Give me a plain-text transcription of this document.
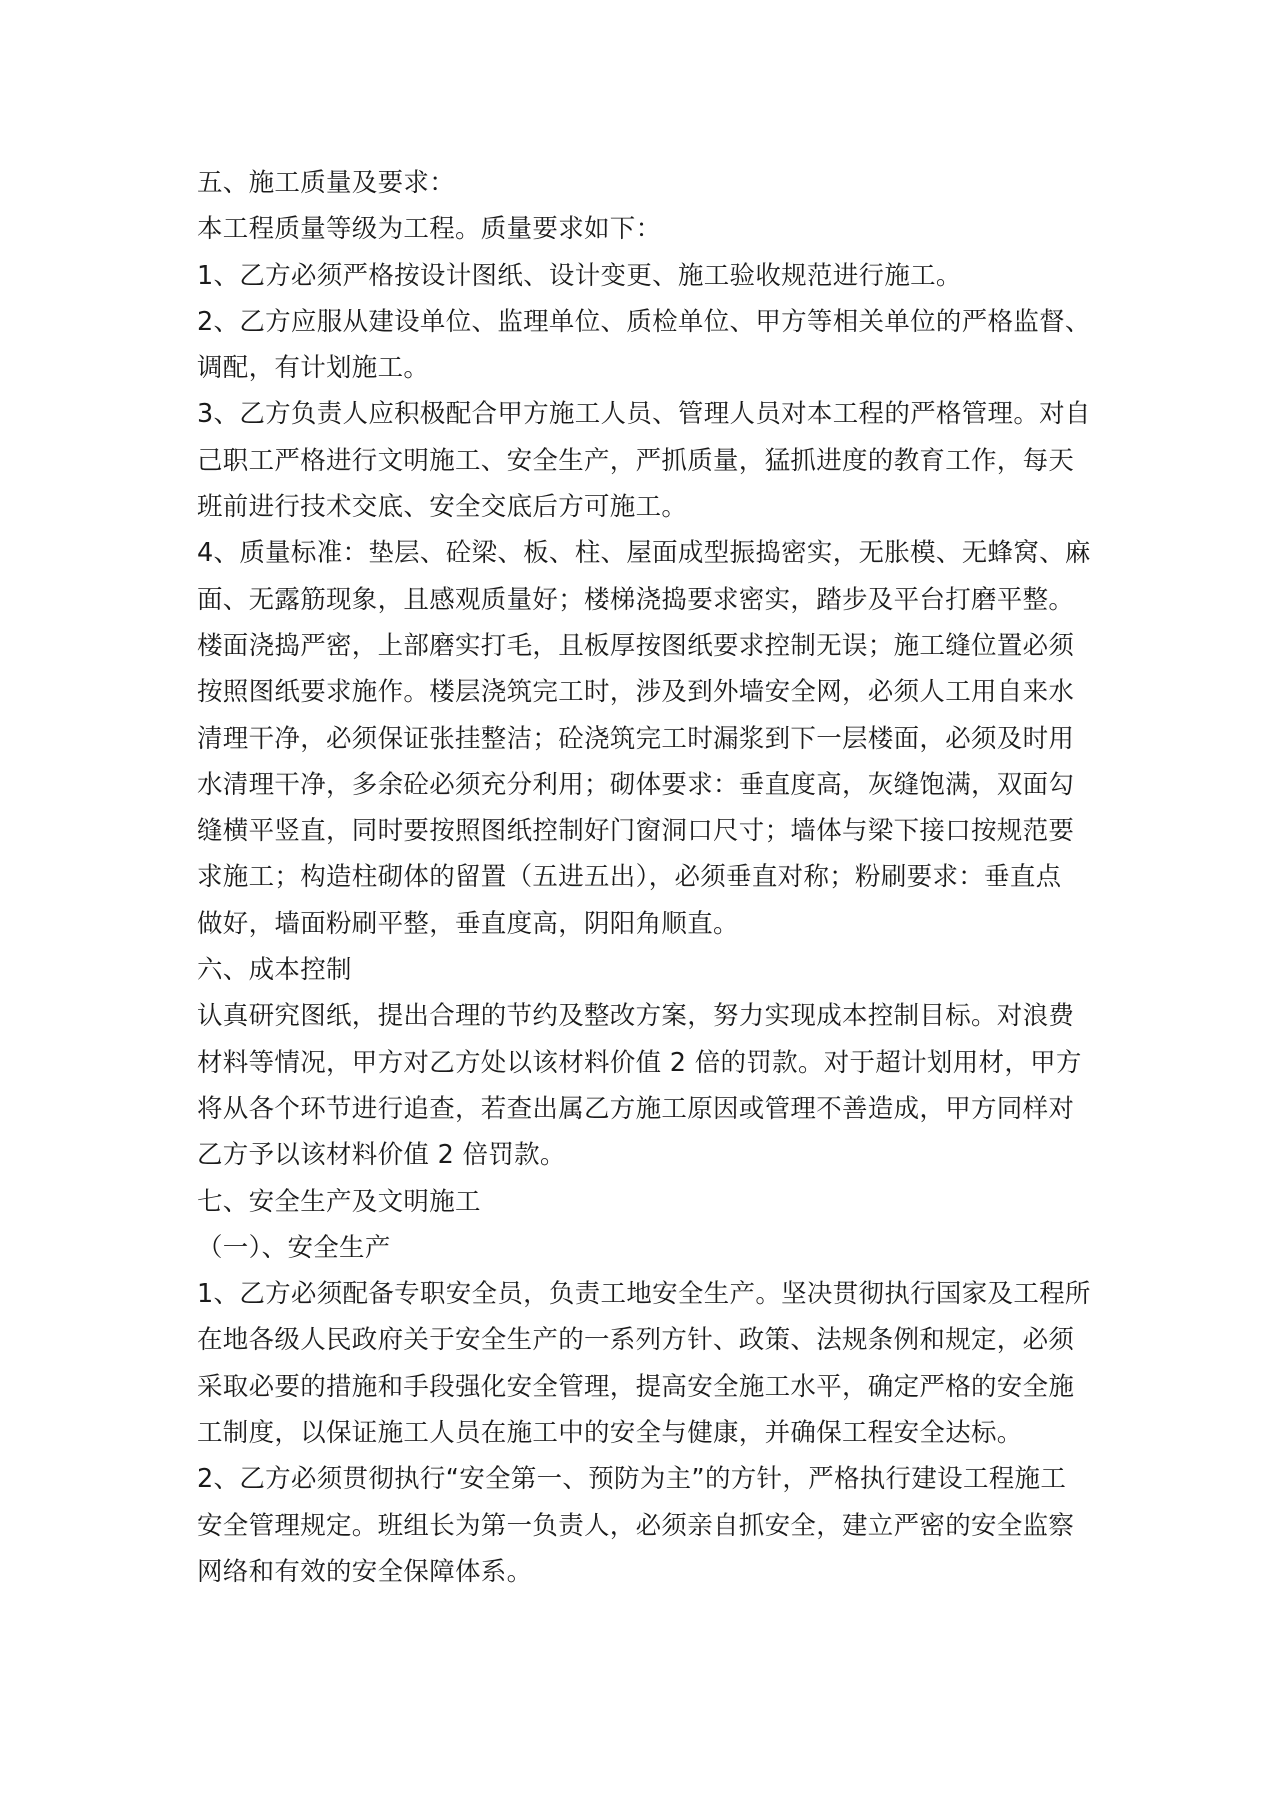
五、施工质量及要求：

本工程质量等级为工程。质量要求如下：

1、乙方必须严格按设计图纸、设计变更、施工验收规范进行施工。

2、乙方应服从建设单位、监理单位、质检单位、甲方等相关单位的严格监督、
调配，有计划施工。

3、乙方负责人应积极配合甲方施工人员、管理人员对本工程的严格管理。对自
己职工严格进行文明施工、安全生产，严抓质量，猛抓进度的教育工作，每天
班前进行技术交底、安全交底后方可施工。

4、质量标准：垫层、砼梁、板、柱、屋面成型振捣密实，无胀模、无蜂窝、麻
面、无露筋现象，且感观质量好；楼梯浇捣要求密实，踏步及平台打磨平整。
楼面浇捣严密，上部磨实打毛，且板厚按图纸要求控制无误；施工缝位置必须
按照图纸要求施作。楼层浇筑完工时，涉及到外墙安全网，必须人工用自来水
清理干净，必须保证张挂整洁；砼浇筑完工时漏浆到下一层楼面，必须及时用
水清理干净，多余砼必须充分利用；砌体要求：垂直度高，灰缝饱满，双面勾
缝横平竖直，同时要按照图纸控制好门窗洞口尺寸；墙体与梁下接口按规范要
求施工；构造柱砌体的留置（五进五出），必须垂直对称；粉刷要求：垂直点
做好，墙面粉刷平整，垂直度高，阴阳角顺直。

六、成本控制

认真研究图纸，提出合理的节约及整改方案，努力实现成本控制目标。对浪费
材料等情况，甲方对乙方处以该材料价值 2 倍的罚款。对于超计划用材，甲方
将从各个环节进行追查，若查出属乙方施工原因或管理不善造成，甲方同样对
乙方予以该材料价值 2 倍罚款。

七、安全生产及文明施工

（一）、安全生产

1、乙方必须配备专职安全员，负责工地安全生产。坚决贯彻执行国家及工程所
在地各级人民政府关于安全生产的一系列方针、政策、法规条例和规定，必须
采取必要的措施和手段强化安全管理，提高安全施工水平，确定严格的安全施
工制度，以保证施工人员在施工中的安全与健康，并确保工程安全达标。

2、乙方必须贯彻执行“安全第一、预防为主”的方针，严格执行建设工程施工
安全管理规定。班组长为第一负责人，必须亲自抓安全，建立严密的安全监察
网络和有效的安全保障体系。
